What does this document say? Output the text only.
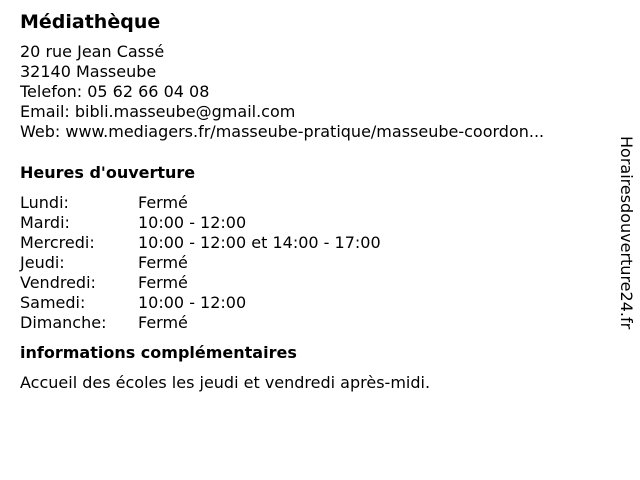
Médiathèque
20 rue Jean Cassé
32140 Masseube
Telefon: 05 62 66 04 08
Email: bibli.masseube@gmail.com
Web: www.mediagers.fr/masseube-pratique/masseube-coordon...
Heures d'ouverture
Lundi:	Fermé
Mardi:	10:00 - 12:00
Mercredi:	10:00 - 12:00 et 14:00 - 17:00
Jeudi:	Fermé
Vendredi:	Fermé
Samedi:	10:00 - 12:00
Dimanche:	Fermé
informations complémentaires
Accueil des écoles les jeudi et vendredi après-midi.
Horairesdouverture24.fr
